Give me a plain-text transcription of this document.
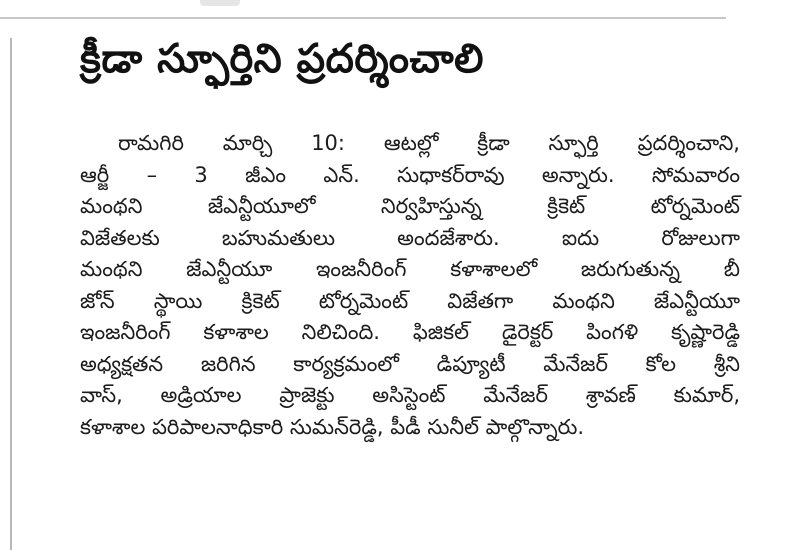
క్రీడా స్ఫూర్తిని ప్రదర్శించాలి
రామగిరి మార్చి 10: ఆటల్లో క్రీడా స్ఫూర్తి ప్రదర్శించాని,
ఆర్జీ – 3 జీఎం ఎన్. సుధాకర్‌రావు అన్నారు. సోమవారం
మంథని జేఎన్టీయూలో నిర్వహిస్తున్న క్రికెట్ టోర్నమెంట్
విజేతలకు బహుమతులు అందజేశారు. ఐదు రోజులుగా
మంథని జేఎన్టీయూ ఇంజనీరింగ్ కళాశాలలో జరుగుతున్న బీ
జోన్ స్థాయి క్రికెట్ టోర్నమెంట్ విజేతగా మంథని జేఎన్టీయూ
ఇంజనీరింగ్ కళాశాల నిలిచింది. ఫిజికల్ డైరెక్టర్ పింగళి కృష్ణారెడ్డి
అధ్యక్షతన జరిగిన కార్యక్రమంలో డిప్యూటీ మేనేజర్ కోల శ్రీని
వాస్, అడ్రియాల ప్రాజెక్టు అసిస్టెంట్ మేనేజర్ శ్రావణ్ కుమార్,
కళాశాల పరిపాలనాధికారి సుమన్‌రెడ్డి, పీడీ సునీల్ పాల్గొన్నారు.
